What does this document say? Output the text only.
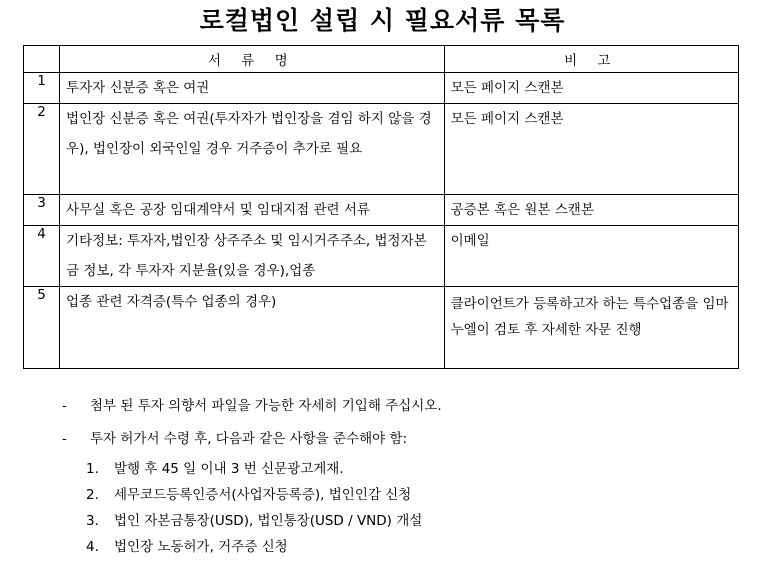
로컬법인 설립 시 필요서류 목록
	서 류 명	비 고
1	투자자 신분증 혹은 여권	모든 페이지 스캔본
2	법인장 신분증 혹은 여권(투자자가 법인장을 겸임 하지 않을 경우), 법인장이 외국인일 경우 거주증이 추가로 필요	모든 페이지 스캔본
3	사무실 혹은 공장 임대계약서 및 임대지점 관련 서류	공증본 혹은 원본 스캔본
4	기타정보: 투자자,법인장 상주주소 및 임시거주주소, 법정자본금 정보, 각 투자자 지분율(있을 경우),업종	이메일
5	업종 관련 자격증(특수 업종의 경우)	클라이언트가 등록하고자 하는 특수업종을 임마누엘이 검토 후 자세한 자문 진행
- 첨부 된 투자 의향서 파일을 가능한 자세히 기입해 주십시오.
- 투자 허가서 수령 후, 다음과 같은 사항을 준수해야 함:
1. 발행 후 45 일 이내 3 번 신문광고게재.
2. 세무코드등록인증서(사업자등록증), 법인인감 신청
3. 법인 자본금통장(USD), 법인통장(USD / VND) 개설
4. 법인장 노동허가, 거주증 신청
